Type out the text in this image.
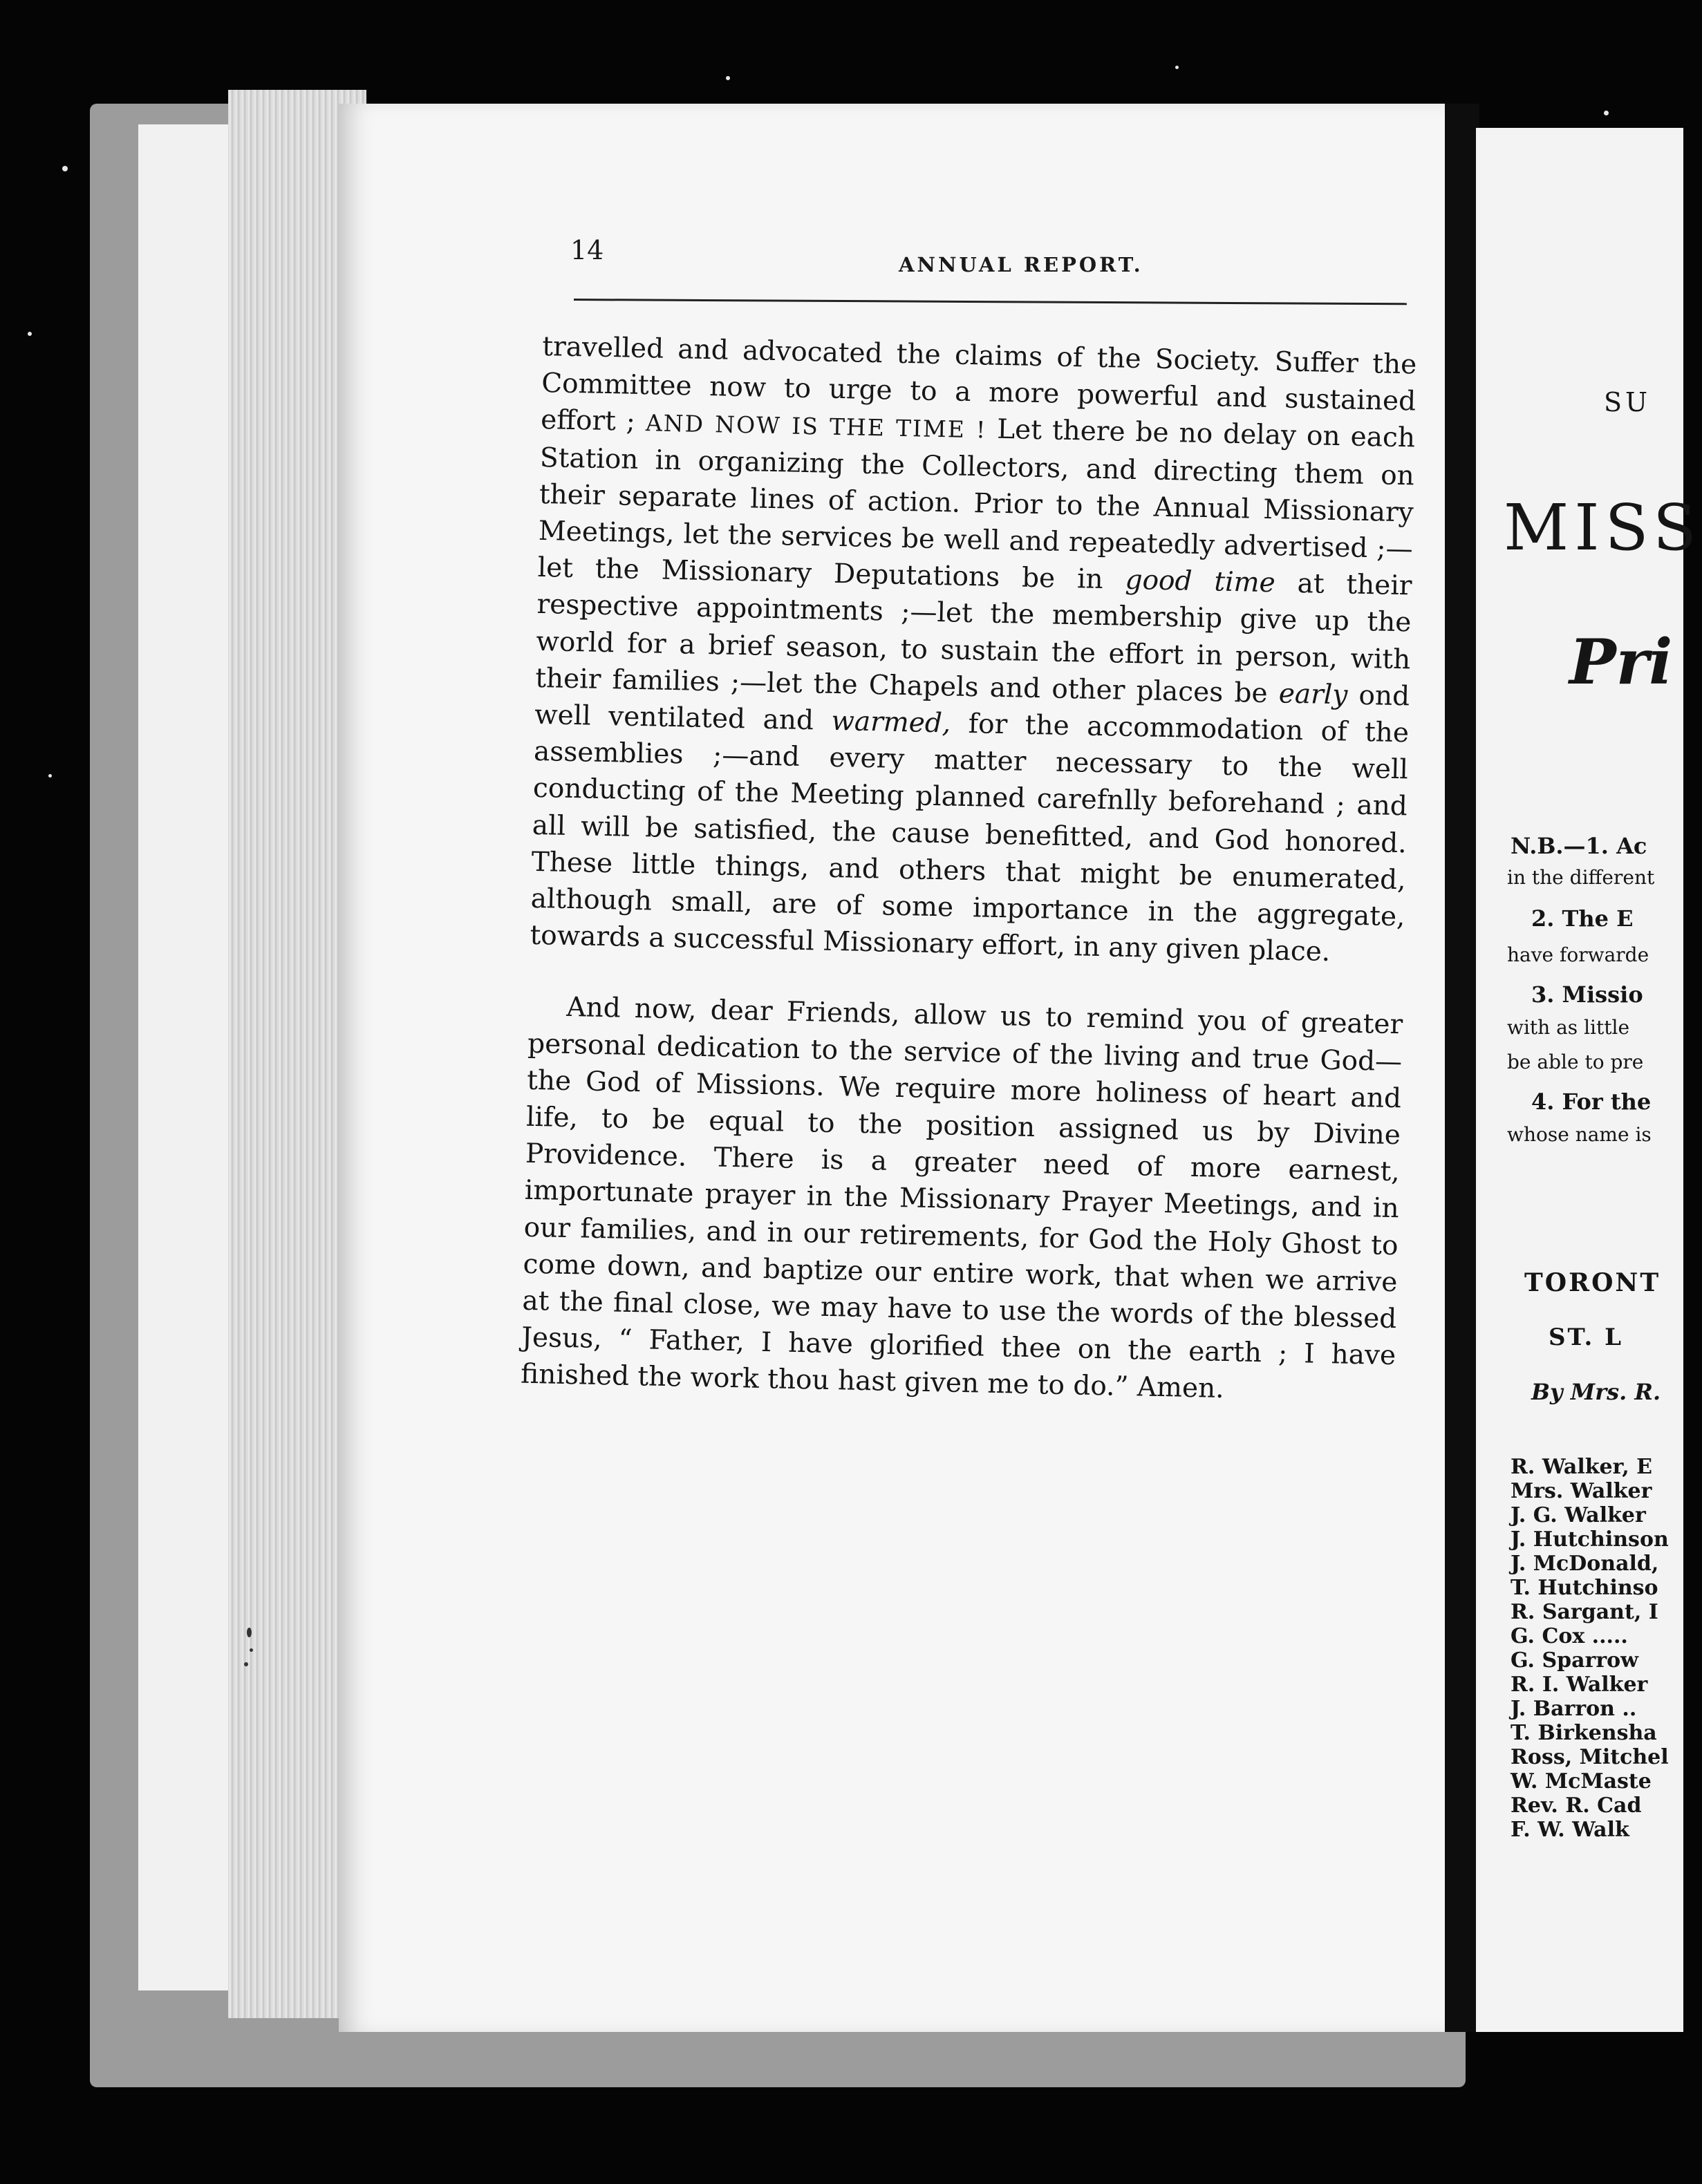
14	ANNUAL REPORT.

travelled and advocated the claims of the Society. Suffer the Committee now to urge to a more powerful and sustained effort ; AND NOW IS THE TIME ! Let there be no delay on each Station in organizing the Collectors, and directing them on their separate lines of action. Prior to the Annual Missionary Meetings, let the services be well and repeatedly advertised ;—let the Missionary Deputations be in good time at their respective appointments ;—let the membership give up the world for a brief season, to sustain the effort in person, with their families ;—let the Chapels and other places be early ond well ventilated and warmed, for the accommodation of the assemblies ;—and every matter necessary to the well conducting of the Meeting planned carefnlly beforehand ; and all will be satisfied, the cause benefitted, and God honored. These little things, and others that might be enumerated, although small, are of some importance in the aggregate, towards a successful Missionary effort, in any given place.

And now, dear Friends, allow us to remind you of greater personal dedication to the service of the living and true God—the God of Missions. We require more holiness of heart and life, to be equal to the position assigned us by Divine Providence. There is a greater need of more earnest, importunate prayer in the Missionary Prayer Meetings, and in our families, and in our retirements, for God the Holy Ghost to come down, and baptize our entire work, that when we arrive at the final close, we may have to use the words of the blessed Jesus, “ Father, I have glorified thee on the earth ; I have finished the work thou hast given me to do.” Amen.

SU
MISS
Pri
N.B.—1. Ac
in the different
2. The E
have forwarde
3. Missio
with as little
be able to pre
4. For the
whose name is
TORONT
ST. L
By Mrs. R.
R. Walker, E
Mrs. Walker
J. G. Walker
J. Hutchinson
J. McDonald,
T. Hutchinso
R. Sargant, I
G. Cox .....
G. Sparrow
R. I. Walker
J. Barron ..
T. Birkensha
Ross, Mitchel
W. McMaste
Rev. R. Cad
F. W. Walk
